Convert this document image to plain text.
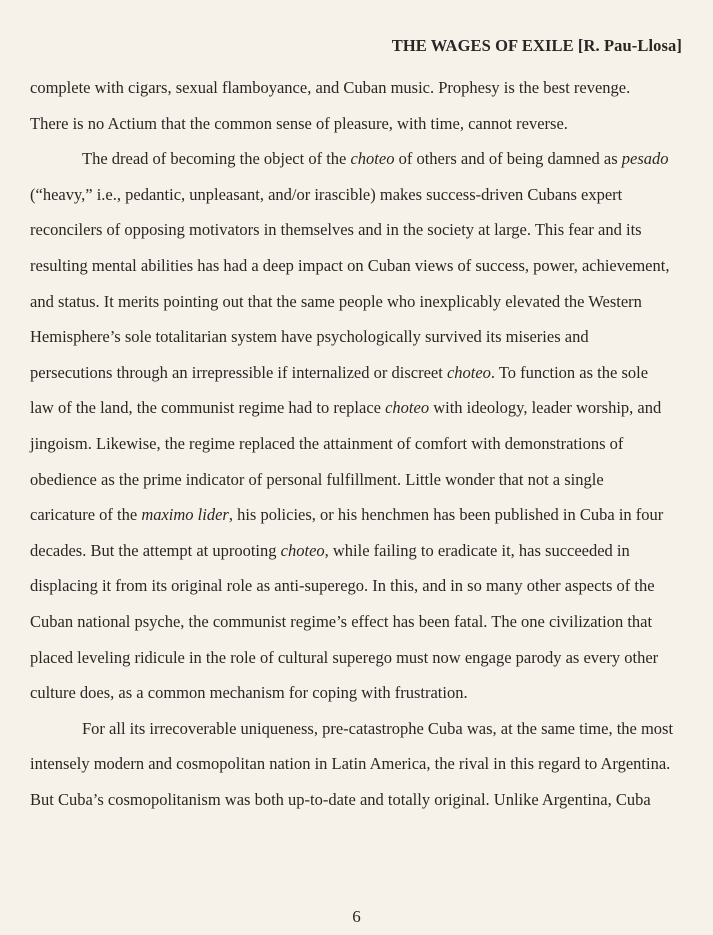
THE WAGES OF EXILE [R. Pau-Llosa]
complete with cigars, sexual flamboyance, and Cuban music. Prophesy is the best revenge.
There is no Actium that the common sense of pleasure, with time, cannot reverse.
The dread of becoming the object of the choteo of others and of being damned as pesado
(“heavy,” i.e., pedantic, unpleasant, and/or irascible) makes success-driven Cubans expert
reconcilers of opposing motivators in themselves and in the society at large. This fear and its
resulting mental abilities has had a deep impact on Cuban views of success, power, achievement,
and status. It merits pointing out that the same people who inexplicably elevated the Western
Hemisphere’s sole totalitarian system have psychologically survived its miseries and
persecutions through an irrepressible if internalized or discreet choteo. To function as the sole
law of the land, the communist regime had to replace choteo with ideology, leader worship, and
jingoism. Likewise, the regime replaced the attainment of comfort with demonstrations of
obedience as the prime indicator of personal fulfillment. Little wonder that not a single
caricature of the maximo lider, his policies, or his henchmen has been published in Cuba in four
decades. But the attempt at uprooting choteo, while failing to eradicate it, has succeeded in
displacing it from its original role as anti-superego. In this, and in so many other aspects of the
Cuban national psyche, the communist regime’s effect has been fatal. The one civilization that
placed leveling ridicule in the role of cultural superego must now engage parody as every other
culture does, as a common mechanism for coping with frustration.
For all its irrecoverable uniqueness, pre-catastrophe Cuba was, at the same time, the most
intensely modern and cosmopolitan nation in Latin America, the rival in this regard to Argentina.
But Cuba’s cosmopolitanism was both up-to-date and totally original. Unlike Argentina, Cuba
6
